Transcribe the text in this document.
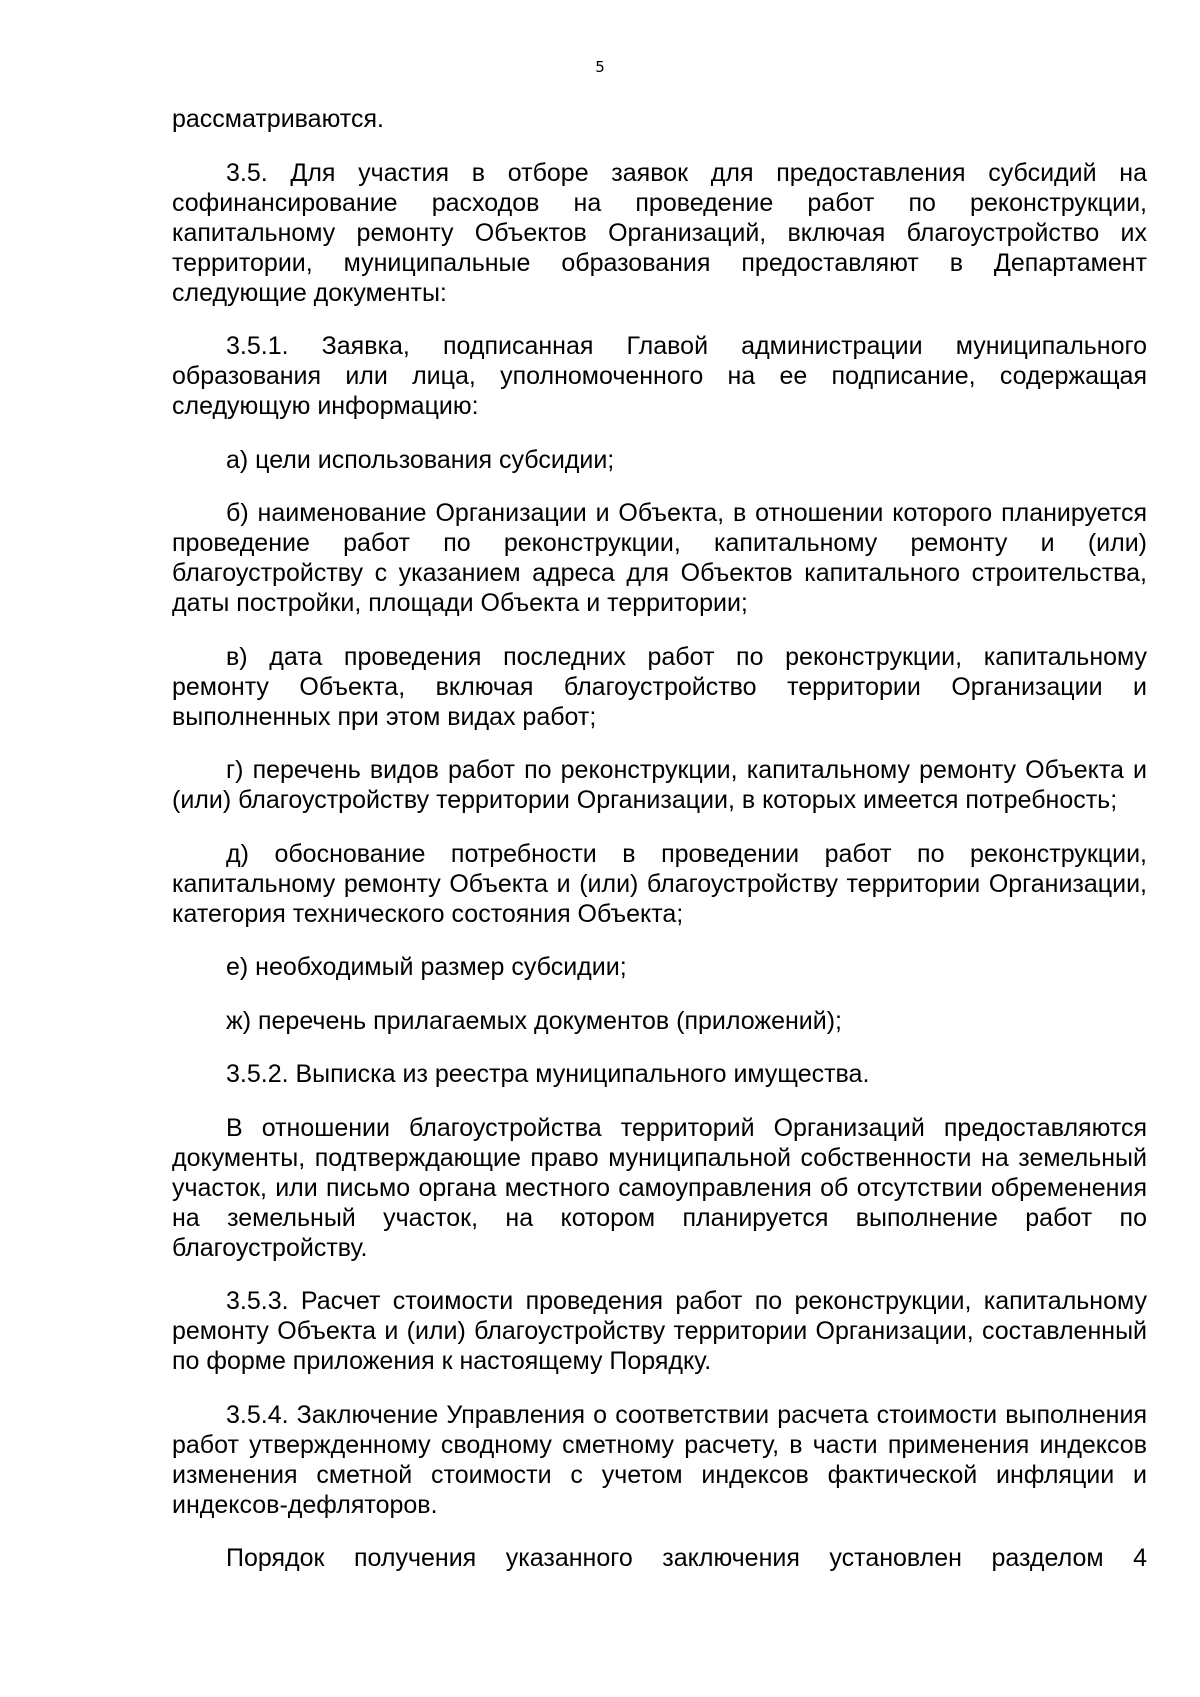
5

рассматриваются.

3.5. Для участия в отборе заявок для предоставления субсидий на софинансирование расходов на проведение работ по реконструкции, капитальному ремонту Объектов Организаций, включая благоустройство их территории, муниципальные образования предоставляют в Департамент следующие документы:

3.5.1. Заявка, подписанная Главой администрации муниципального образования или лица, уполномоченного на ее подписание, содержащая следующую информацию:

а) цели использования субсидии;

б) наименование Организации и Объекта, в отношении которого планируется проведение работ по реконструкции, капитальному ремонту и (или) благоустройству с указанием адреса для Объектов капитального строительства, даты постройки, площади Объекта и территории;

в) дата проведения последних работ по реконструкции, капитальному ремонту Объекта, включая благоустройство территории Организации и выполненных при этом видах работ;

г) перечень видов работ по реконструкции, капитальному ремонту Объекта и (или) благоустройству территории Организации, в которых имеется потребность;

д) обоснование потребности в проведении работ по реконструкции, капитальному ремонту Объекта и (или) благоустройству территории Организации, категория технического состояния Объекта;

е) необходимый размер субсидии;

ж) перечень прилагаемых документов (приложений);

3.5.2. Выписка из реестра муниципального имущества.

В отношении благоустройства территорий Организаций предоставляются документы, подтверждающие право муниципальной собственности на земельный участок, или письмо органа местного самоуправления об отсутствии обременения на земельный участок, на котором планируется выполнение работ по благоустройству.

3.5.3. Расчет стоимости проведения работ по реконструкции, капитальному ремонту Объекта и (или) благоустройству территории Организации, составленный по форме приложения к настоящему Порядку.

3.5.4. Заключение Управления о соответствии расчета стоимости выполнения работ утвержденному сводному сметному расчету, в части применения индексов изменения сметной стоимости с учетом индексов фактической инфляции и индексов-дефляторов.

Порядок получения указанного заключения установлен разделом 4
